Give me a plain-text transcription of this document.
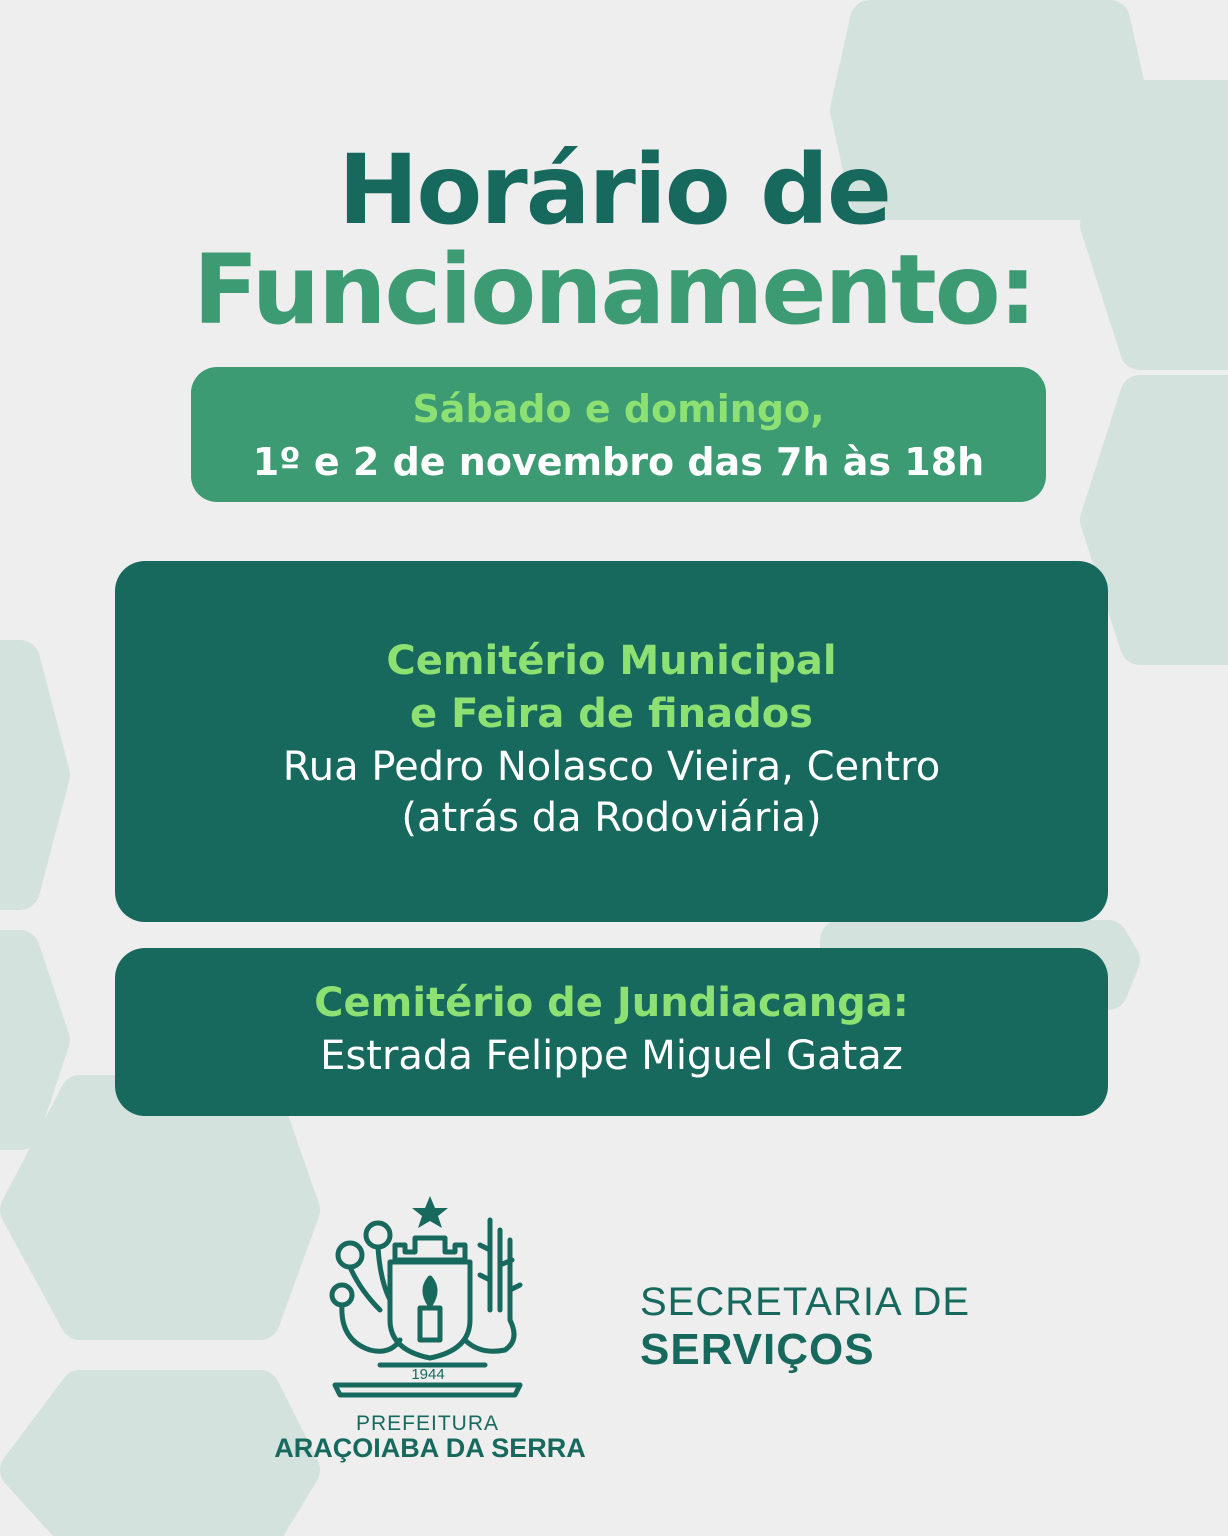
Horário de
Funcionamento:
Sábado e domingo,
1º e 2 de novembro das 7h às 18h
Cemitério Municipal
e Feira de finados
Rua Pedro Nolasco Vieira, Centro
(atrás da Rodoviária)
Cemitério de Jundiacanga:
Estrada Felippe Miguel Gataz
1944
PREFEITURA
ARAÇOIABA DA SERRA
SECRETARIA DE
SERVIÇOS
